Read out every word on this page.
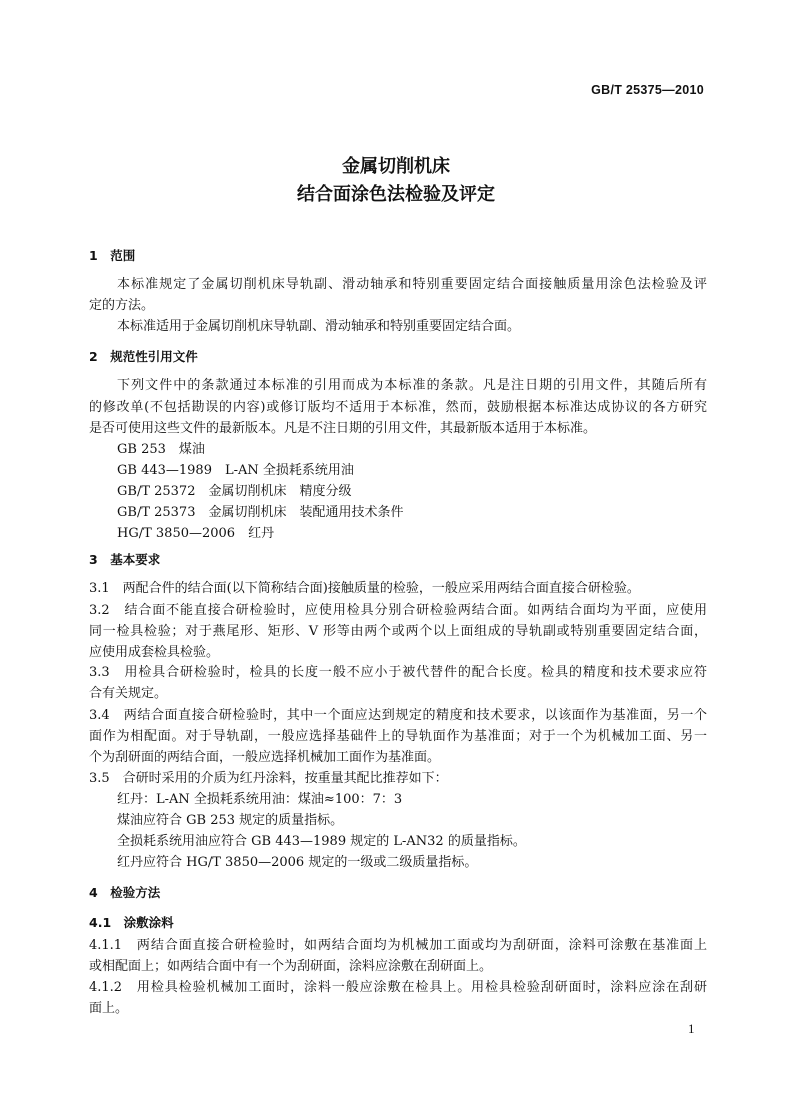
GB/T 25375—2010
金属切削机床
结合面涂色法检验及评定
1　范围
本标准规定了金属切削机床导轨副、滑动轴承和特别重要固定结合面接触质量用涂色法检验及评
定的方法。
本标准适用于金属切削机床导轨副、滑动轴承和特别重要固定结合面。
2　规范性引用文件
下列文件中的条款通过本标准的引用而成为本标准的条款。凡是注日期的引用文件，其随后所有
的修改单(不包括勘误的内容)或修订版均不适用于本标准，然而，鼓励根据本标准达成协议的各方研究
是否可使用这些文件的最新版本。凡是不注日期的引用文件，其最新版本适用于本标准。
GB 253　煤油
GB 443—1989　L-AN 全损耗系统用油
GB/T 25372　金属切削机床　精度分级
GB/T 25373　金属切削机床　装配通用技术条件
HG/T 3850—2006　红丹
3　基本要求
3.1　两配合件的结合面(以下简称结合面)接触质量的检验，一般应采用两结合面直接合研检验。
3.2　结合面不能直接合研检验时，应使用检具分别合研检验两结合面。如两结合面均为平面，应使用
同一检具检验；对于燕尾形、矩形、V 形等由两个或两个以上面组成的导轨副或特别重要固定结合面，
应使用成套检具检验。
3.3　用检具合研检验时，检具的长度一般不应小于被代替件的配合长度。检具的精度和技术要求应符
合有关规定。
3.4　两结合面直接合研检验时，其中一个面应达到规定的精度和技术要求，以该面作为基准面，另一个
面作为相配面。对于导轨副，一般应选择基础件上的导轨面作为基准面；对于一个为机械加工面、另一
个为刮研面的两结合面，一般应选择机械加工面作为基准面。
3.5　合研时采用的介质为红丹涂料，按重量其配比推荐如下：
红丹：L-AN 全损耗系统用油：煤油≈100：7：3
煤油应符合 GB 253 规定的质量指标。
全损耗系统用油应符合 GB 443—1989 规定的 L-AN32 的质量指标。
红丹应符合 HG/T 3850—2006 规定的一级或二级质量指标。
4　检验方法
4.1　涂敷涂料
4.1.1　两结合面直接合研检验时，如两结合面均为机械加工面或均为刮研面，涂料可涂敷在基准面上
或相配面上；如两结合面中有一个为刮研面，涂料应涂敷在刮研面上。
4.1.2　用检具检验机械加工面时，涂料一般应涂敷在检具上。用检具检验刮研面时，涂料应涂在刮研
面上。
1
